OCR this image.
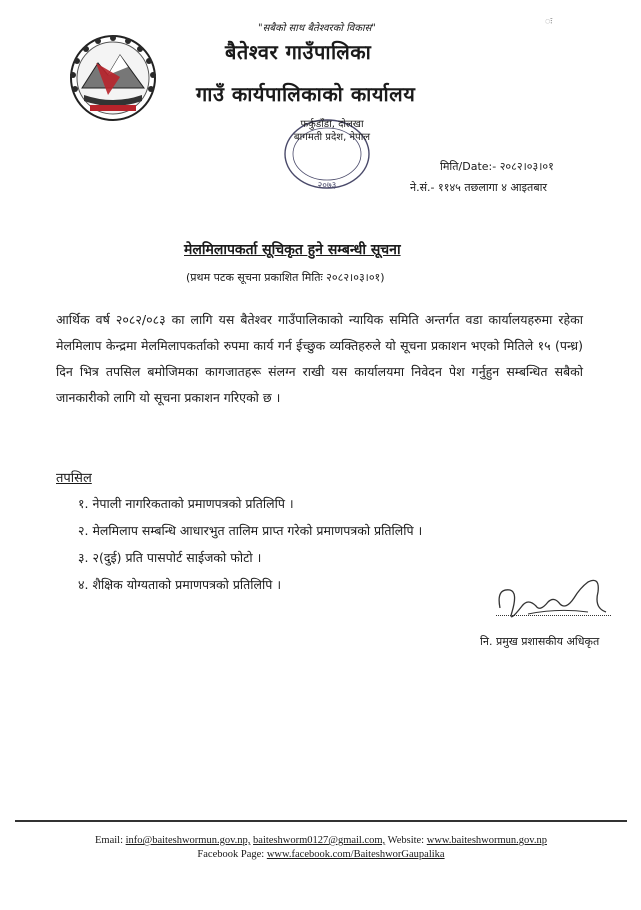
ः
"सबैको साथ बैतेश्वरको विकास"
बैतेश्वर गाउँपालिका
गाउँ कार्यपालिकाको कार्यालय
२०७३
फर्कुडाँडा, दोलखा
बागमती प्रदेश, नेपाल
मिति/Date:- २०८२।०३।०१
ने.सं.- ११४५ तछलागा ४ आइतबार
मेलमिलापकर्ता सूचिकृत हुने सम्बन्धी सूचना
(प्रथम पटक सूचना प्रकाशित मितिः २०८२।०३।०१)
आर्थिक वर्ष २०८२/०८३ का लागि यस बैतेश्वर गाउँपालिकाको न्यायिक समिति अन्तर्गत वडा कार्यालयहरुमा रहेका मेलमिलाप केन्द्रमा मेलमिलापकर्ताको रुपमा कार्य गर्न ईच्छुक व्यक्तिहरुले यो सूचना प्रकाशन भएको मितिले १५ (पन्ध्र) दिन भित्र तपसिल बमोजिमका कागजातहरू संलग्न राखी यस कार्यालयमा निवेदन पेश गर्नुहुन सम्बन्धित सबैको जानकारीको लागि यो सूचना प्रकाशन गरिएको छ ।
तपसिल
१. नेपाली नागरिकताको प्रमाणपत्रको प्रतिलिपि ।
२. मेलमिलाप सम्बन्धि आधारभुत तालिम प्राप्त गरेको प्रमाणपत्रको प्रतिलिपि ।
३. २(दुई) प्रति पासपोर्ट साईजको फोटो ।
४. शैक्षिक योग्यताको प्रमाणपत्रको प्रतिलिपि ।
नि. प्रमुख प्रशासकीय अधिकृत
Email: info@baiteshwormun.gov.np, baiteshworm0127@gmail.com, Website: www.baiteshwormun.gov.np
Facebook Page: www.facebook.com/BaiteshworGaupalika
